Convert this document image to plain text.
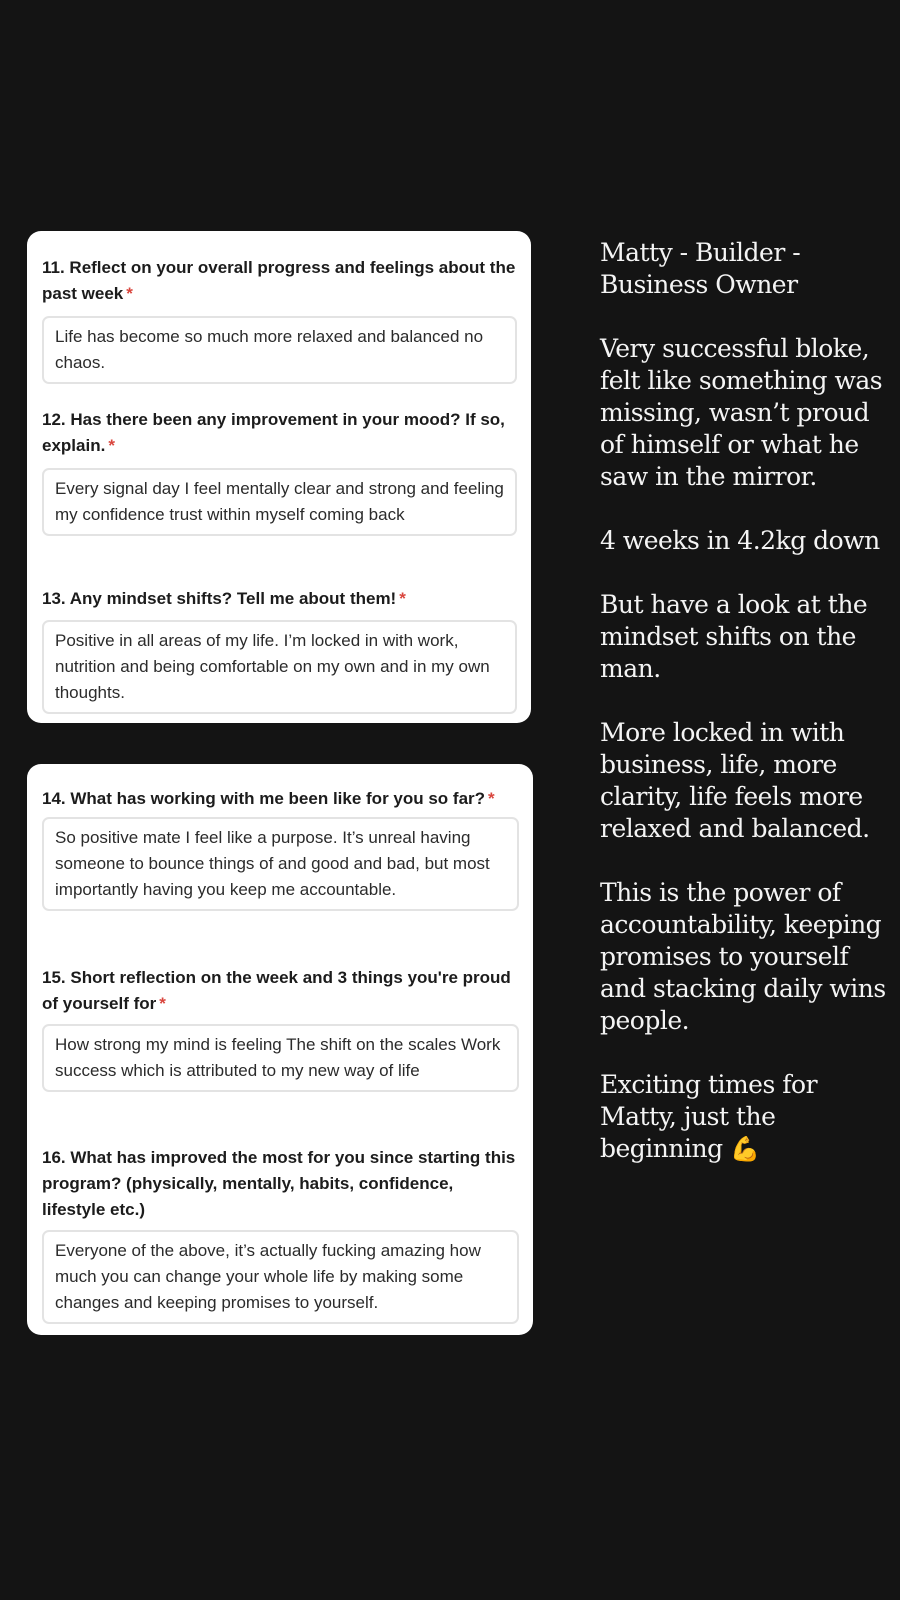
11. Reflect on your overall progress and feelings about the past week *

Life has become so much more relaxed and balanced no chaos.

12. Has there been any improvement in your mood? If so, explain. *

Every signal day I feel mentally clear and strong and feeling my confidence trust within myself coming back

13. Any mindset shifts? Tell me about them! *

Positive in all areas of my life. I’m locked in with work, nutrition and being comfortable on my own and in my own thoughts.

14. What has working with me been like for you so far? *

So positive mate I feel like a purpose. It’s unreal having someone to bounce things of and good and bad, but most importantly having you keep me accountable.

15. Short reflection on the week and 3 things you're proud of yourself for *

How strong my mind is feeling The shift on the scales Work success which is attributed to my new way of life

16. What has improved the most for you since starting this program? (physically, mentally, habits, confidence, lifestyle etc.)

Everyone of the above, it’s actually fucking amazing how much you can change your whole life by making some changes and keeping promises to yourself.

Matty - Builder - Business Owner

Very successful bloke, felt like something was missing, wasn’t proud of himself or what he saw in the mirror.

4 weeks in 4.2kg down

But have a look at the mindset shifts on the man.

More locked in with business, life, more clarity, life feels more relaxed and balanced.

This is the power of accountability, keeping promises to yourself and stacking daily wins people.

Exciting times for Matty, just the beginning 💪
